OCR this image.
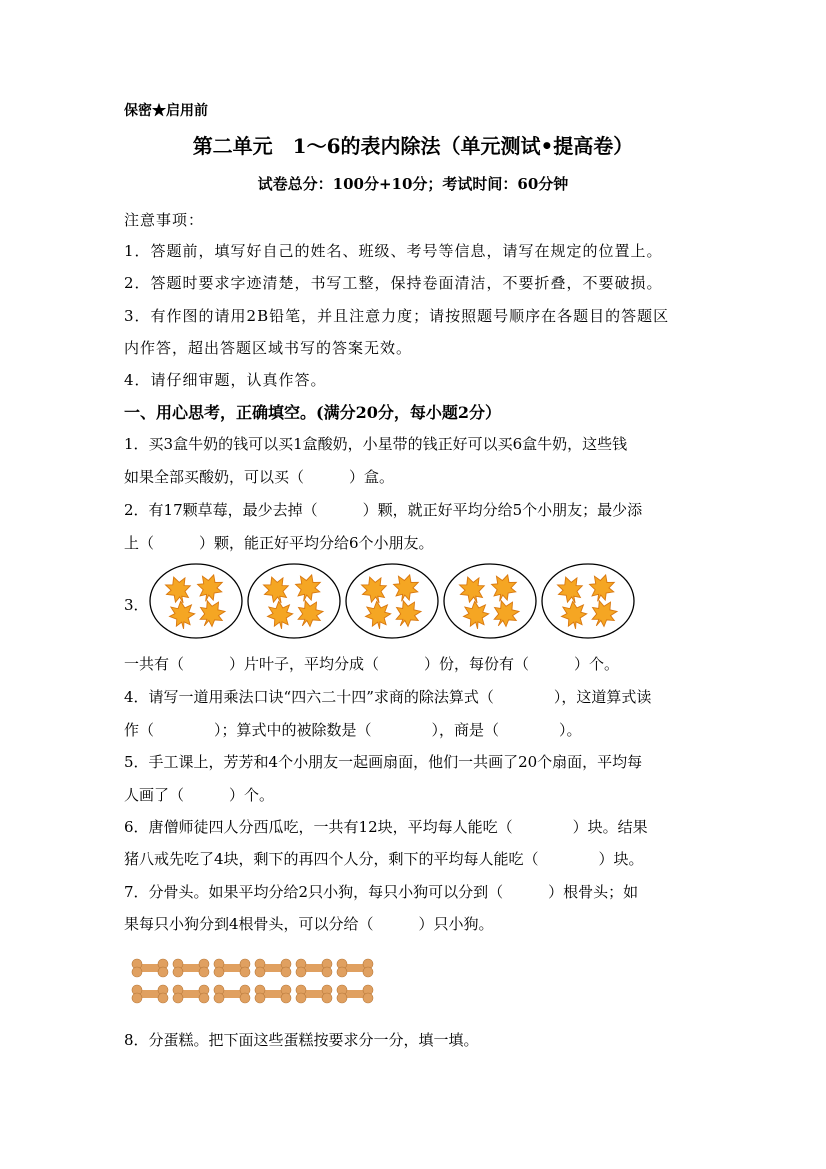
保密★启用前
第二单元　1～6的表内除法（单元测试•提高卷）
试卷总分：100分+10分；考试时间：60分钟
注意事项：
1．答题前，填写好自己的姓名、班级、考号等信息，请写在规定的位置上。
2．答题时要求字迹清楚，书写工整，保持卷面清洁，不要折叠，不要破损。
3．有作图的请用2B铅笔，并且注意力度；请按照题号顺序在各题目的答题区
内作答，超出答题区域书写的答案无效。
4．请仔细审题，认真作答。
一、用心思考，正确填空。(满分20分，每小题2分）
1．买3盒牛奶的钱可以买1盒酸奶，小星带的钱正好可以买6盒牛奶，这些钱
如果全部买酸奶，可以买（　　　）盒。
2．有17颗草莓，最少去掉（　　　）颗，就正好平均分给5个小朋友；最少添
上（　　　）颗，能正好平均分给6个小朋友。
3．
一共有（　　　）片叶子，平均分成（　　　）份，每份有（　　　）个。
4．请写一道用乘法口诀“四六二十四”求商的除法算式（　　　　），这道算式读
作（　　　　）；算式中的被除数是（　　　　），商是（　　　　）。
5．手工课上，芳芳和4个小朋友一起画扇面，他们一共画了20个扇面，平均每
人画了（　　　）个。
6．唐僧师徒四人分西瓜吃，一共有12块，平均每人能吃（　　　　）块。结果
猪八戒先吃了4块，剩下的再四个人分，剩下的平均每人能吃（　　　　）块。
7．分骨头。如果平均分给2只小狗，每只小狗可以分到（　　　）根骨头；如
果每只小狗分到4根骨头，可以分给（　　　）只小狗。
8．分蛋糕。把下面这些蛋糕按要求分一分，填一填。
